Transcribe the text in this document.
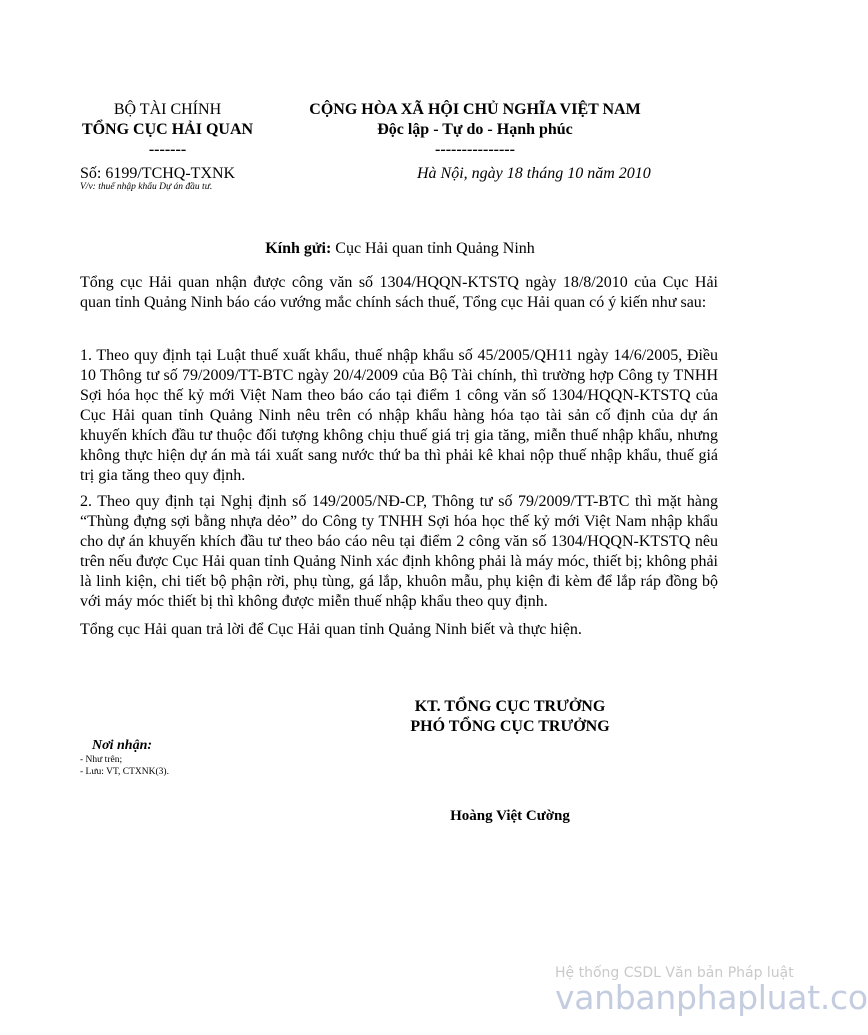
BỘ TÀI CHÍNH
TỔNG CỤC HẢI QUAN
-------
CỘNG HÒA XÃ HỘI CHỦ NGHĨA VIỆT NAM
Độc lập - Tự do - Hạnh phúc
---------------
Số: 6199/TCHQ-TXNK
V/v: thuế nhập khẩu Dự án đầu tư.
Hà Nội, ngày 18 tháng 10 năm 2010
Kính gửi: Cục Hải quan tỉnh Quảng Ninh

Tổng cục Hải quan nhận được công văn số 1304/HQQN-KTSTQ ngày 18/8/2010 của Cục Hải quan tỉnh Quảng Ninh báo cáo vướng mắc chính sách thuế, Tổng cục Hải quan có ý kiến như sau:

1. Theo quy định tại Luật thuế xuất khẩu, thuế nhập khẩu số 45/2005/QH11 ngày 14/6/2005, Điều 10 Thông tư số 79/2009/TT-BTC ngày 20/4/2009 của Bộ Tài chính, thì trường hợp Công ty TNHH Sợi hóa học thế kỷ mới Việt Nam theo báo cáo tại điểm 1 công văn số 1304/HQQN-KTSTQ của Cục Hải quan tỉnh Quảng Ninh nêu trên có nhập khẩu hàng hóa tạo tài sản cố định của dự án khuyến khích đầu tư thuộc đối tượng không chịu thuế giá trị gia tăng, miễn thuế nhập khẩu, nhưng không thực hiện dự án mà tái xuất sang nước thứ ba thì phải kê khai nộp thuế nhập khẩu, thuế giá trị gia tăng theo quy định.

2. Theo quy định tại Nghị định số 149/2005/NĐ-CP, Thông tư số 79/2009/TT-BTC thì mặt hàng “Thùng đựng sợi bằng nhựa dẻo” do Công ty TNHH Sợi hóa học thế kỷ mới Việt Nam nhập khẩu cho dự án khuyến khích đầu tư theo báo cáo nêu tại điểm 2 công văn số 1304/HQQN-KTSTQ nêu trên nếu được Cục Hải quan tỉnh Quảng Ninh xác định không phải là máy móc, thiết bị; không phải là linh kiện, chi tiết bộ phận rời, phụ tùng, gá lắp, khuôn mẫu, phụ kiện đi kèm để lắp ráp đồng bộ với máy móc thiết bị thì không được miễn thuế nhập khẩu theo quy định.

Tổng cục Hải quan trả lời để Cục Hải quan tỉnh Quảng Ninh biết và thực hiện.

KT. TỔNG CỤC TRƯỞNG
PHÓ TỔNG CỤC TRƯỞNG
Hoàng Việt Cường
Nơi nhận:
- Như trên;
- Lưu: VT, CTXNK(3).
Hệ thống CSDL Văn bản Pháp luật
vanbanphapluat.co
